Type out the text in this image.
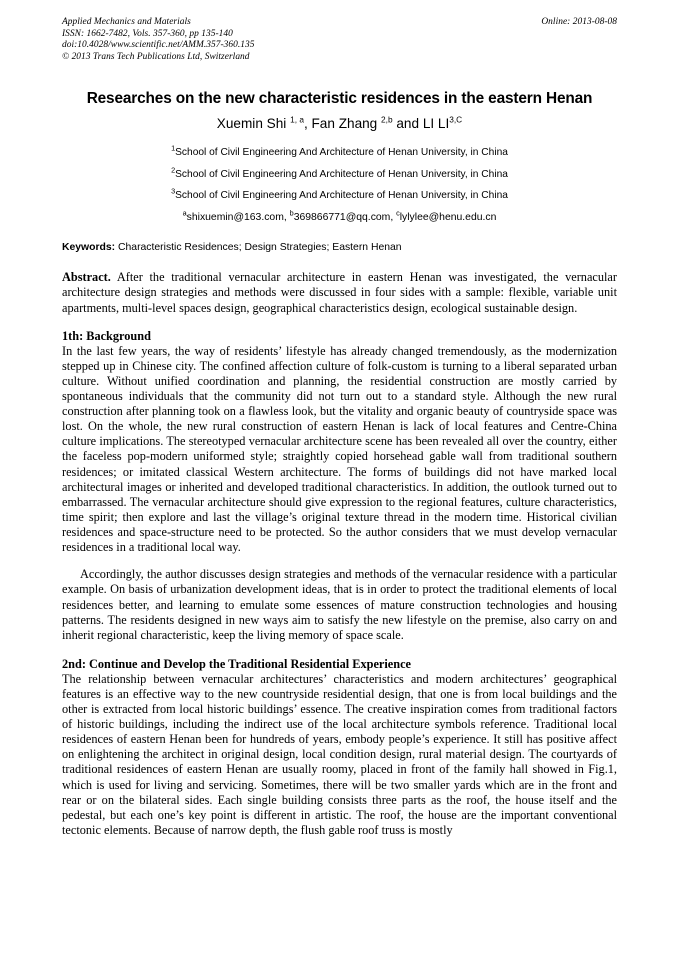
Applied Mechanics and Materials
ISSN: 1662-7482, Vols. 357-360, pp 135-140
doi:10.4028/www.scientific.net/AMM.357-360.135
© 2013 Trans Tech Publications Ltd, Switzerland
Online: 2013-08-08
Researches on the new characteristic residences in the eastern Henan
Xuemin Shi $^{1, a}$, Fan Zhang $^{2,b}$ and LI $LI^{3,C}$
$^1$School of Civil Engineering And Architecture of Henan University, in China
$^2$School of Civil Engineering And Architecture of Henan University, in China
$^3$School of Civil Engineering And Architecture of Henan University, in China
$^a$shixuemin@163.com, $^b$369866771@qq.com, $^c$lylylee@henu.edu.cn
Keywords: Characteristic Residences; Design Strategies; Eastern Henan
Abstract. After the traditional vernacular architecture in eastern Henan was investigated, the vernacular architecture design strategies and methods were discussed in four sides with a sample: flexible, variable unit apartments, multi-level spaces design, geographical characteristics design, ecological sustainable design.
1th: Background

In the last few years, the way of residents’ lifestyle has already changed tremendously, as the modernization stepped up in Chinese city. The confined affection culture of folk-custom is turning to a liberal separated urban culture. Without unified coordination and planning, the residential construction are mostly carried by spontaneous individuals that the community did not turn out to a standard style. Although the new rural construction after planning took on a flawless look, but the vitality and organic beauty of countryside space was lost. On the whole, the new rural construction of eastern Henan is lack of local features and Centre-China culture implications. The stereotyped vernacular architecture scene has been revealed all over the country, either the faceless pop-modern uniformed style; straightly copied horsehead gable wall from traditional southern residences; or imitated classical Western architecture. The forms of buildings did not have marked local architectural images or inherited and developed traditional characteristics. In addition, the outlook turned out to embarrassed. The vernacular architecture should give expression to the regional features, culture characteristics, time spirit; then explore and last the village’s original texture thread in the modern time. Historical civilian residences and space-structure need to be protected. So the author considers that we must develop vernacular residences in a traditional local way.

Accordingly, the author discusses design strategies and methods of the vernacular residence with a particular example. On basis of urbanization development ideas, that is in order to protect the traditional elements of local residences better, and learning to emulate some essences of mature construction technologies and housing patterns. The residents designed in new ways aim to satisfy the new lifestyle on the premise, also carry on and inherit regional characteristic, keep the living memory of space scale.

2nd: Continue and Develop the Traditional Residential Experience

The relationship between vernacular architectures’ characteristics and modern architectures’ geographical features is an effective way to the new countryside residential design, that one is from local buildings and the other is extracted from local historic buildings’ essence. The creative inspiration comes from traditional factors of historic buildings, including the indirect use of the local architecture symbols reference. Traditional local residences of eastern Henan been for hundreds of years, embody people’s experience. It still has positive affect on enlightening the architect in original design, local condition design, rural material design. The courtyards of traditional residences of eastern Henan are usually roomy, placed in front of the family hall showed in Fig.1, which is used for living and servicing. Sometimes, there will be two smaller yards which are in the front and rear or on the bilateral sides. Each single building consists three parts as the roof, the house itself and the pedestal, but each one’s key point is different in artistic. The roof, the house are the important conventional tectonic elements. Because of narrow depth, the flush gable roof truss is mostly
